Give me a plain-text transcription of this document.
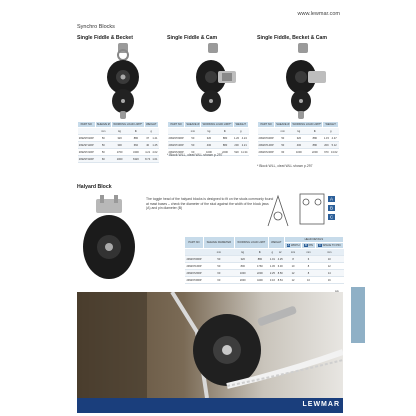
www.lewmar.com
Synchro Blocks
Single Fiddle & Becket
PART NO	SHEAVE Ø	WORKING LOAD LIMIT*		WEIGHT	
	mm	kg	lb	g	
29929701RP	50	320	880	37	1.41
29929711RP	50	300	660	40	1.45
29929721RP	50	1700	3400	4.21	4.02
29929731RP	60	1000	6320	8.74	1.61
Single Fiddle & Cam
PART NO	SHEAVE Ø	WORKING LOAD LIMIT*		WEIGHT	
	mm	kg	lb	g	
29929703RP	50	320	880	1.20	4.24
29929713RP	50	400	880	200	2.21
29929723RP	60	1000	2200	520	11.34
* Block WLL, cleat WLL shown p.297
Single Fiddle, Becket & Cam
PART NO	SHEAVE Ø	WORKING LOAD LIMIT*		WEIGHT	
	mm	kg	lb	g	
29929704RP	50	320	880	1.15	4.47
29929714RP	50	400	880	209	5.12
29929724RP	60	1000	2200	670	13.62
* Block WLL, cleat WLL shown p.297
Halyard Block
The toggle head of the halyard blocks is designed to fit on the studs commonly found at mast bases – check the diameter of the stud against the width of the block jaws (A) and pin diameter (B)
A
B
C
PART NO	SHEAVE DIAMETER	WORKING LOAD LIMIT		WEIGHT		HEAD DETAILS		
						A WIDTH	B PIN	C SPACE TO PIN
	mm	kg	lb	g	oz	mm	mm	mm
29929706RP	50	320	880	1.01	4.25	8	6	10
29929716RP	50	800	1760	1.45	6.30	10	8	12
29929726RP	60	1000	2200	2.25	8.50	12	8	14
29929736RP	60	2000	4400	3.16	8.54	12	10	16
LEWMAR
